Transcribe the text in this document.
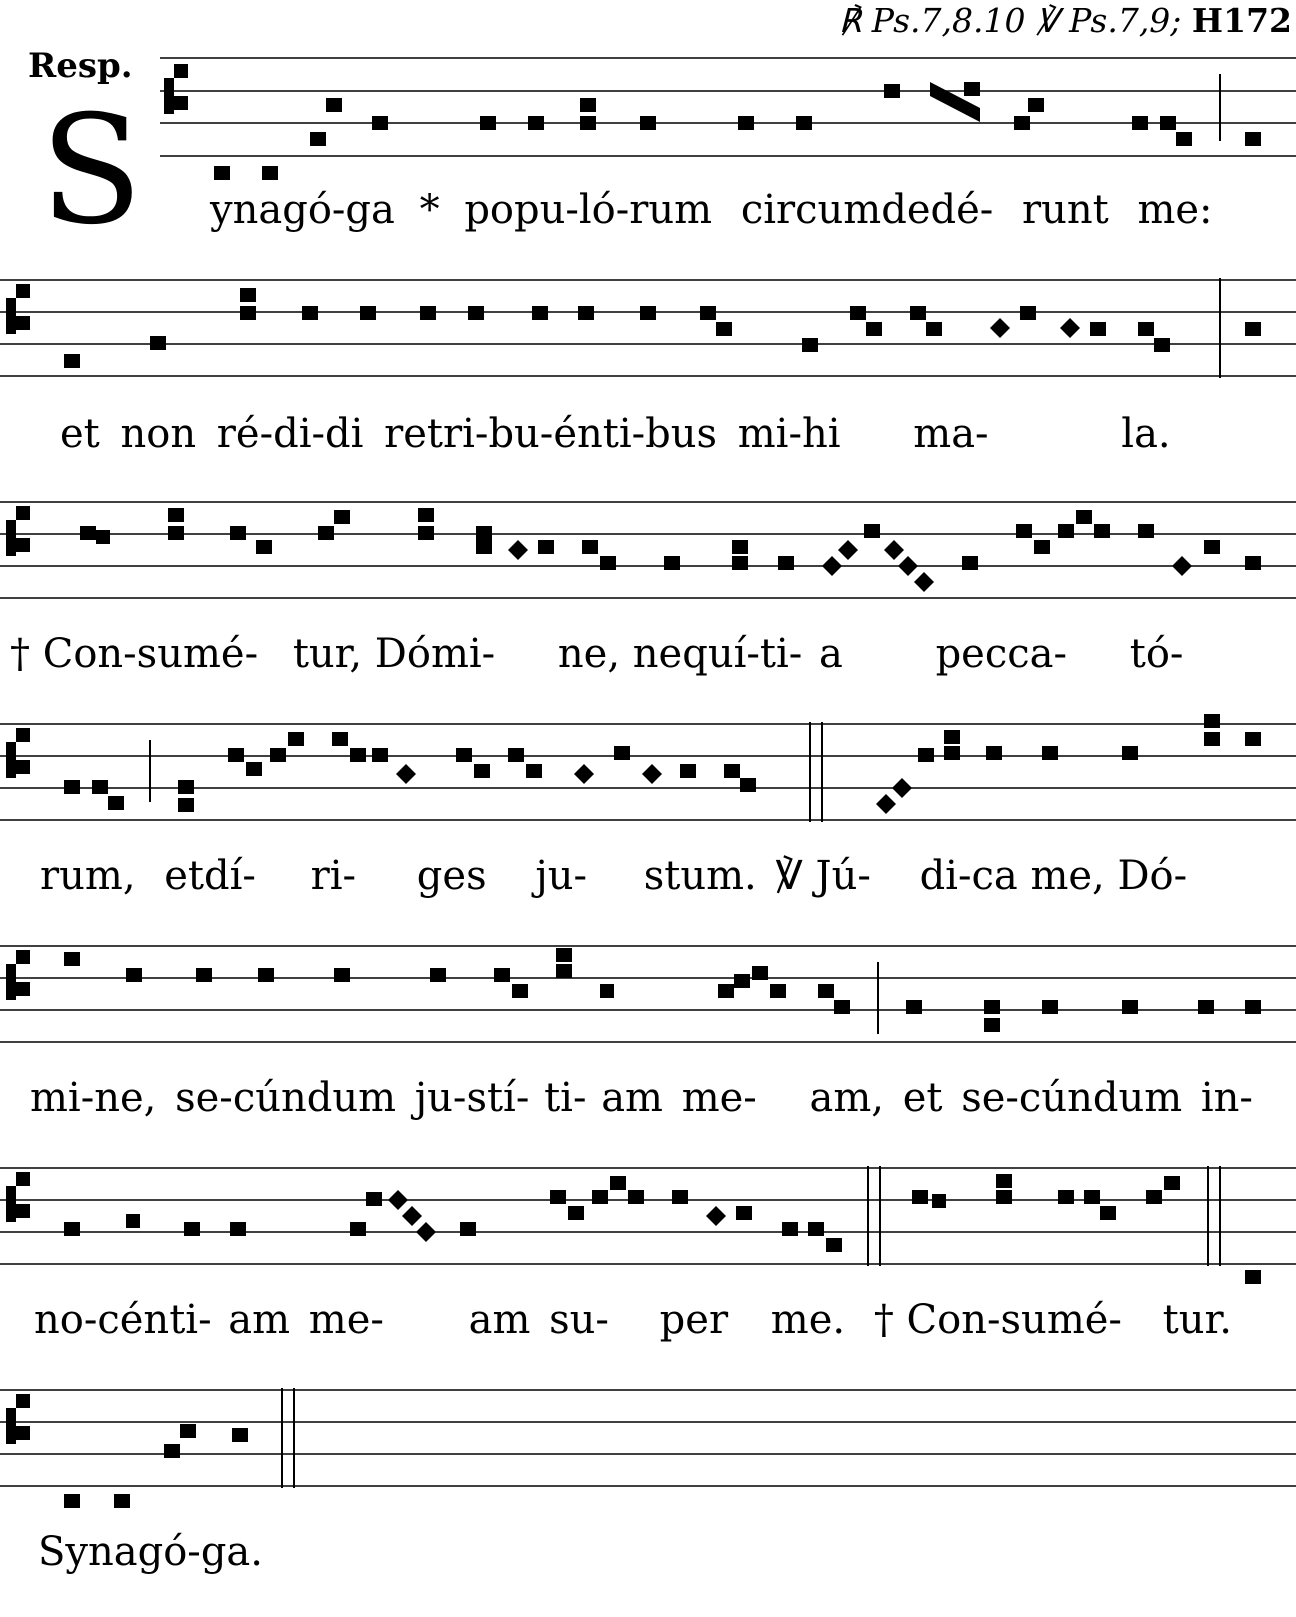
℟ Ps.7,8.10 ℣ Ps.7,9; H172
Resp.
S ynagó-ga * popu-ló-rum circumdedé- runt me:
et non ré-di-di retri-bu-énti-bus mi-hi ma-	la.
† Con-sumé- tur, Dómi- ne, nequí-ti- a pecca- tó-
rum, etdí- ri- ges ju- stum. ℣ Jú- di-ca me, Dó-
mi-ne, se-cúndum ju-stí- ti- am me- am, et se-cúndum in-
no-cénti- am me- am su- per me. † Con-sumé- tur.
Synagó-ga.
